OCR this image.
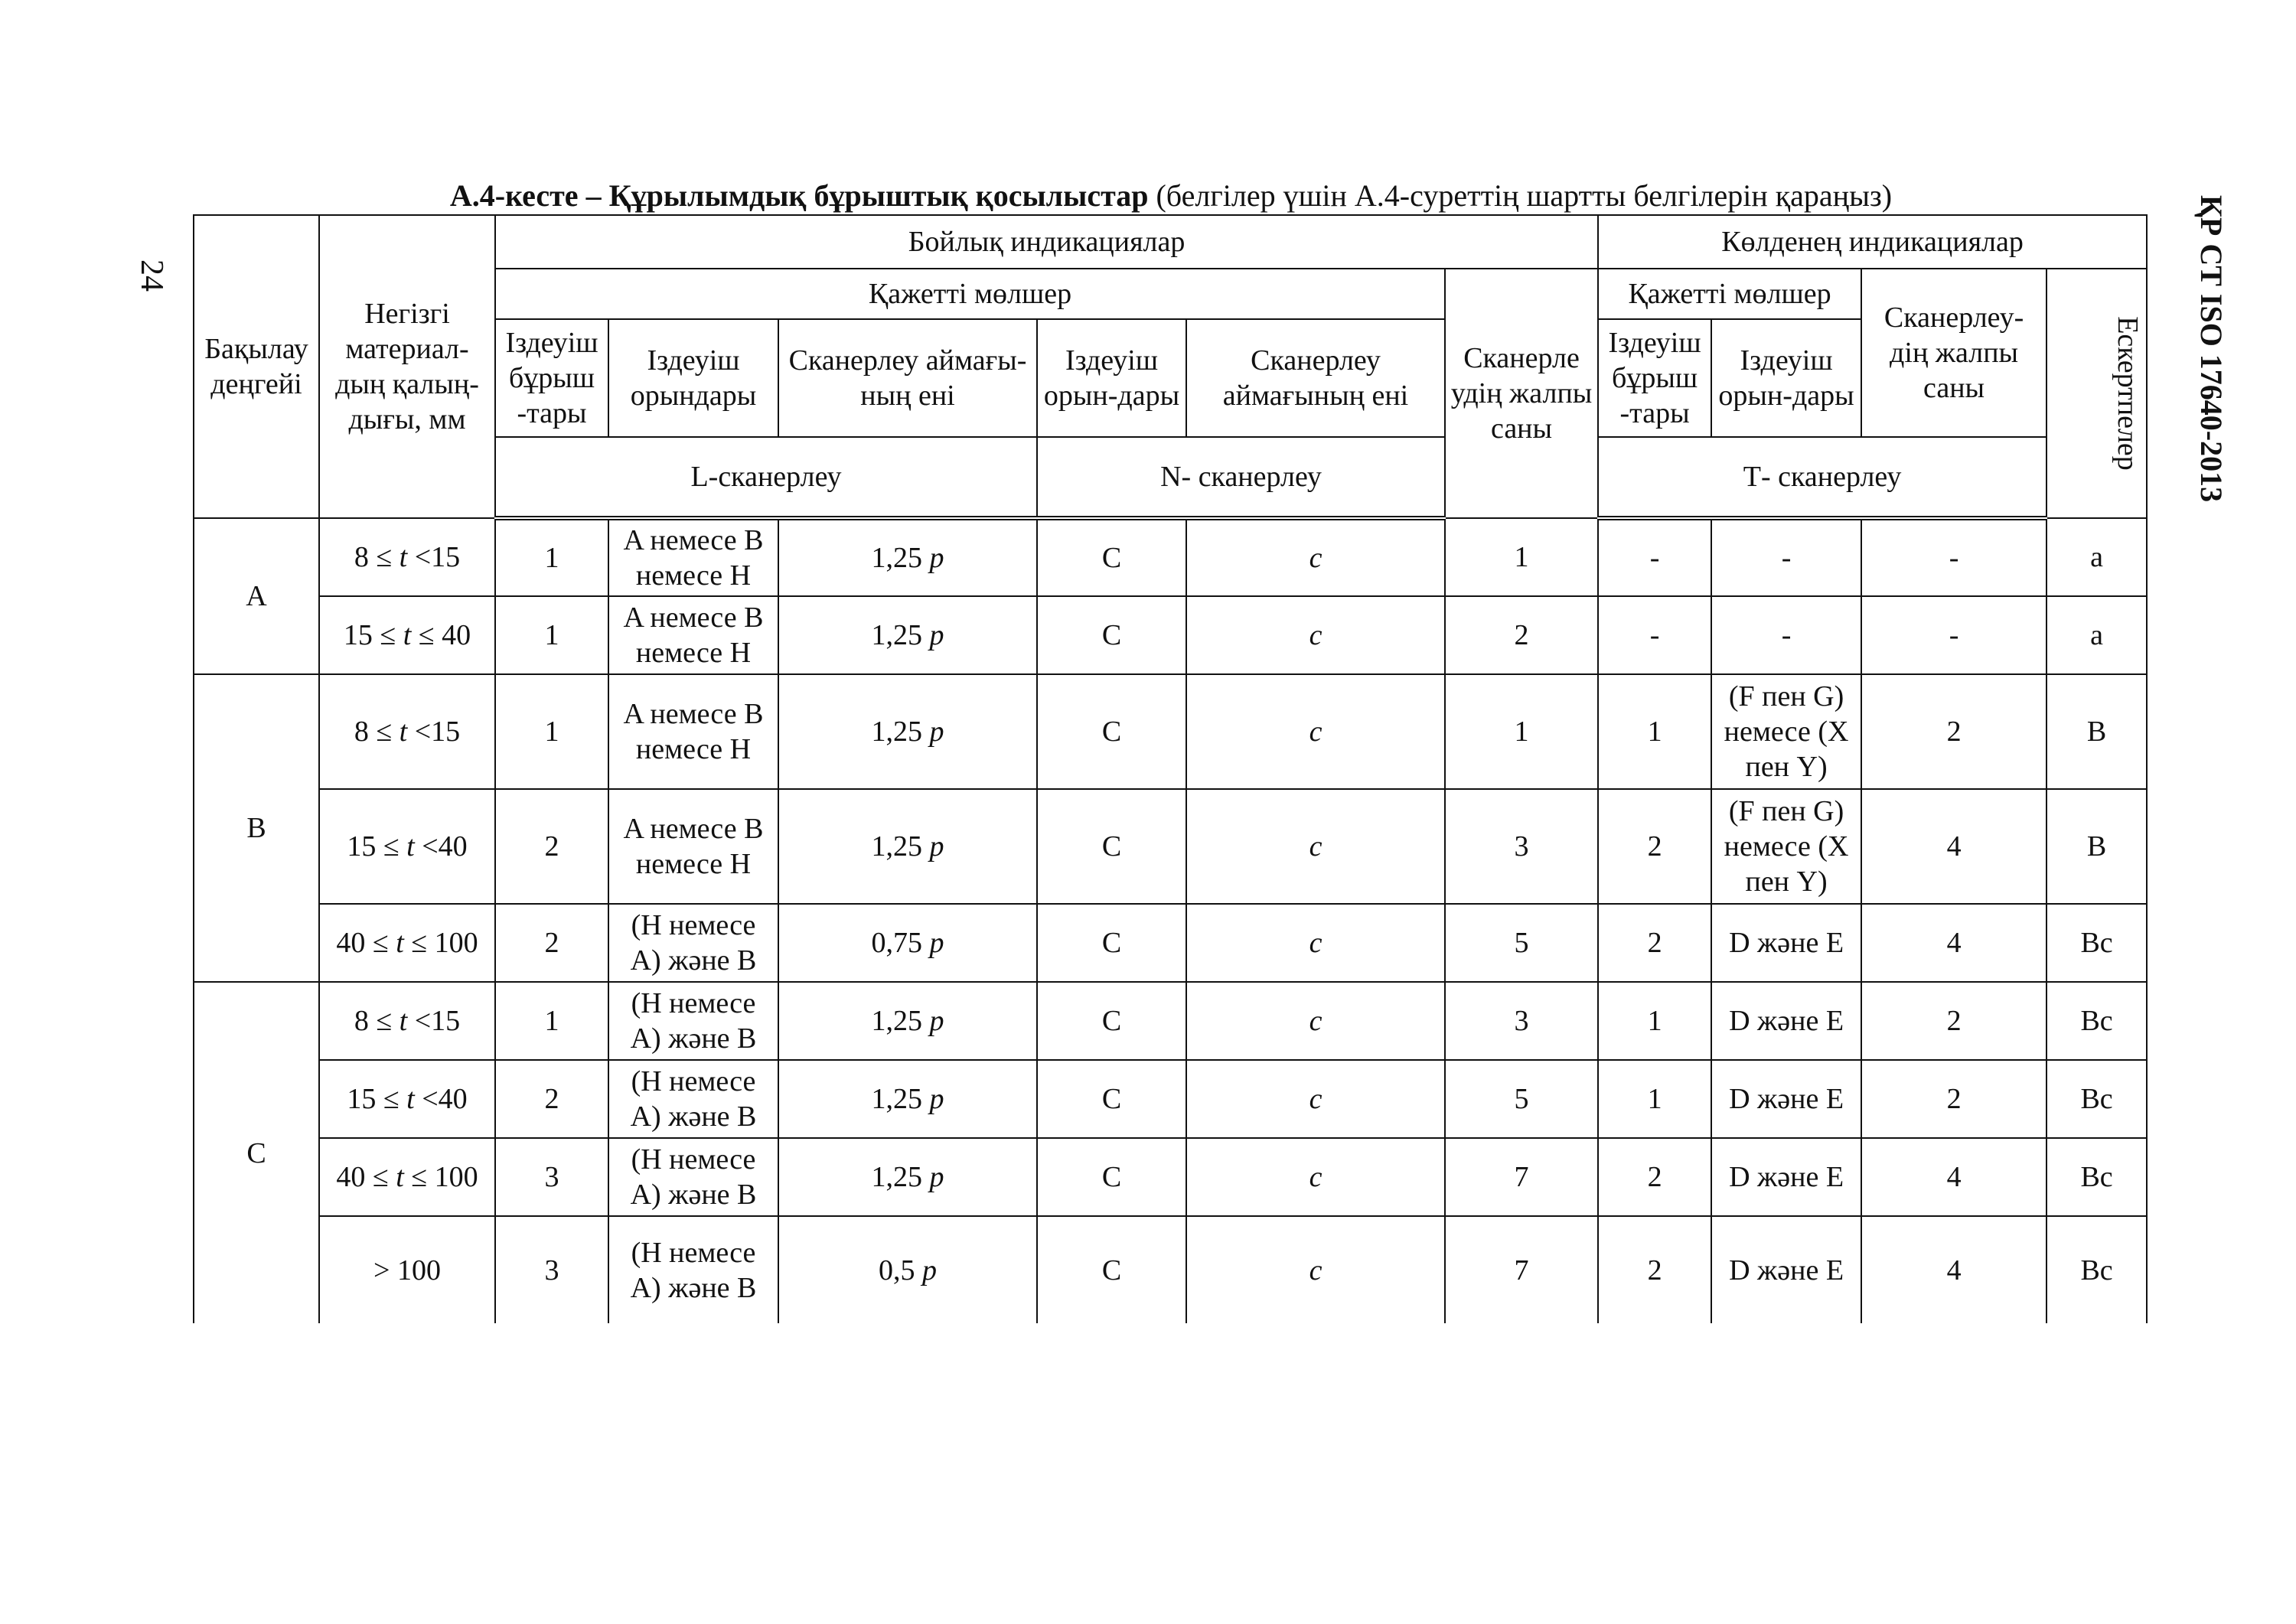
24	ҚР СТ ISO 17640-2013
А.4-кесте – Құрылымдық бұрыштық қосылыстар (белгілер үшін А.4-суреттің шартты белгілерін қараңыз)
Бақылау деңгейі	Негізгі материал-дың қалың-дығы, мм	Бойлық индикациялар						Көлденең индикациялар			
		Қажетті мөлшер					Сканерле удің жалпы саны	Қажетті мөлшер		Сканерлеу-дің жалпы саны	Ескертпелер
		Іздеуіш бұрыш -тары	Іздеуіш орындары	Сканерлеу аймағы-ның ені	Іздеуіш орын-дары	Сканерлеу аймағының ені		Іздеуіш бұрыш -тары	Іздеуіш орын-дары		
		L-сканерлеу			N- сканерлеу			Т- сканерлеу			
A	8 ≤ t <15	1	A немесе B немесе H	1,25 p	C	c	1	-	-	-	a
	15 ≤ t ≤ 40	1	A немесе B немесе H	1,25 p	C	c	2	-	-	-	a
B	8 ≤ t <15	1	A немесе B немесе H	1,25 p	C	c	1	1	(F пен G) немесе (X пен Y)	2	B
	15 ≤ t <40	2	A немесе B немесе H	1,25 p	C	c	3	2	(F пен G) немесе (X пен Y)	4	B
	40 ≤ t ≤ 100	2	(H немесе A) және B	0,75 p	C	c	5	2	D және E	4	Bc
C	8 ≤ t <15	1	(H немесе A) және B	1,25 p	C	c	3	1	D және E	2	Bc
	15 ≤ t <40	2	(H немесе A) және B	1,25 p	C	c	5	1	D және E	2	Bc
	40 ≤ t ≤ 100	3	(H немесе A) және B	1,25 p	C	c	7	2	D және E	4	Bc
	> 100	3	(H немесе A) және B	0,5 p	C	c	7	2	D және E	4	Bc
